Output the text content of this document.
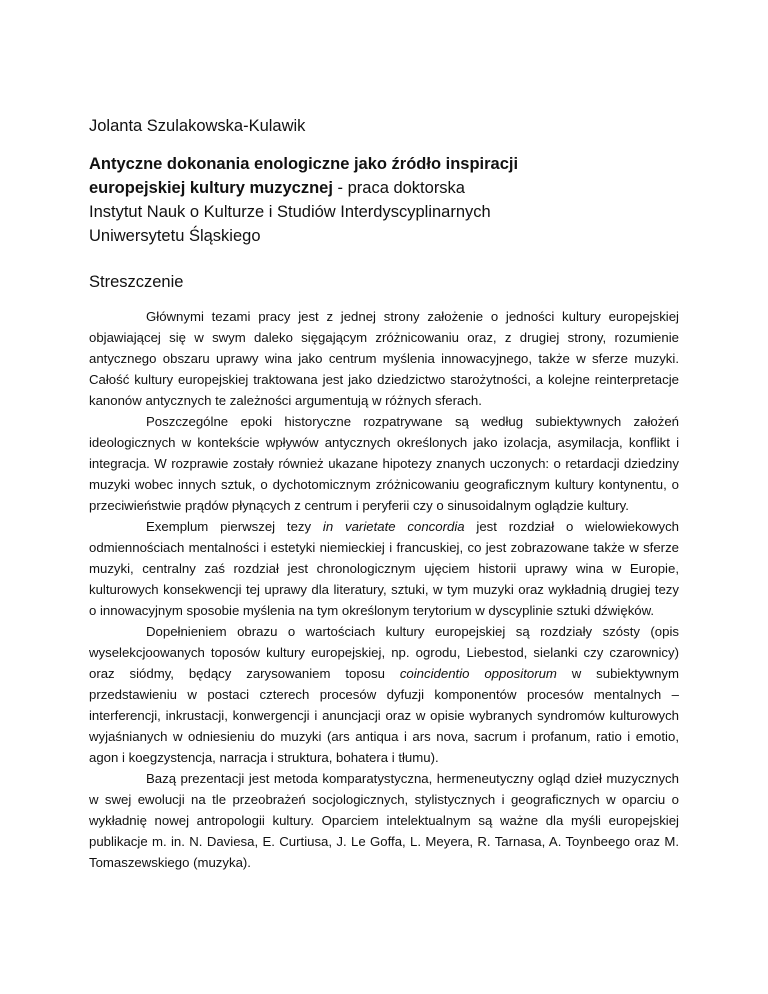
Jolanta Szulakowska-Kulawik
Antyczne dokonania enologiczne jako źródło inspiracji
europejskiej kultury muzycznej - praca doktorska
Instytut Nauk o Kulturze i Studiów Interdyscyplinarnych
Uniwersytetu Śląskiego
Streszczenie

Głównymi tezami pracy jest z jednej strony założenie o jedności kultury europejskiej objawiającej się w swym daleko sięgającym zróżnicowaniu oraz, z drugiej strony, rozumienie antycznego obszaru uprawy wina jako centrum myślenia innowacyjnego, także w sferze muzyki. Całość kultury europejskiej traktowana jest jako dziedzictwo starożytności, a kolejne reinterpretacje kanonów antycznych te zależności argumentują w różnych sferach.

Poszczególne epoki historyczne rozpatrywane są według subiektywnych założeń ideologicznych w kontekście wpływów antycznych określonych jako izolacja, asymilacja, konflikt i integracja. W rozprawie zostały również ukazane hipotezy znanych uczonych: o retardacji dziedziny muzyki wobec innych sztuk, o dychotomicznym zróżnicowaniu geograficznym kultury kontynentu, o przeciwieństwie prądów płynących z centrum i peryferii czy o sinusoidalnym oglądzie kultury.

Exemplum pierwszej tezy in varietate concordia jest rozdział o wielowiekowych odmiennościach mentalności i estetyki niemieckiej i francuskiej, co jest zobrazowane także w sferze muzyki, centralny zaś rozdział jest chronologicznym ujęciem historii uprawy wina w Europie, kulturowych konsekwencji tej uprawy dla literatury, sztuki, w tym muzyki oraz wykładnią drugiej tezy o innowacyjnym sposobie myślenia na tym określonym terytorium w dyscyplinie sztuki dźwięków.

Dopełnieniem obrazu o wartościach kultury europejskiej są rozdziały szósty (opis wyselekcjoowanych toposów kultury europejskiej, np. ogrodu, Liebestod, sielanki czy czarownicy) oraz siódmy, będący zarysowaniem toposu coincidentio oppositorum w subiektywnym przedstawieniu w postaci czterech procesów dyfuzji komponentów procesów mentalnych – interferencji, inkrustacji, konwergencji i anuncjacji oraz w opisie wybranych syndromów kulturowych wyjaśnianych w odniesieniu do muzyki (ars antiqua i ars nova, sacrum i profanum, ratio i emotio, agon i koegzystencja, narracja i struktura, bohatera i tłumu).

Bazą prezentacji jest metoda komparatystyczna, hermeneutyczny ogląd dzieł muzycznych w swej ewolucji na tle przeobrażeń socjologicznych, stylistycznych i geograficznych w oparciu o wykładnię nowej antropologii kultury. Oparciem intelektualnym są ważne dla myśli europejskiej publikacje m. in. N. Daviesa, E. Curtiusa, J. Le Goffa, L. Meyera, R. Tarnasa, A. Toynbeego oraz M. Tomaszewskiego (muzyka).
